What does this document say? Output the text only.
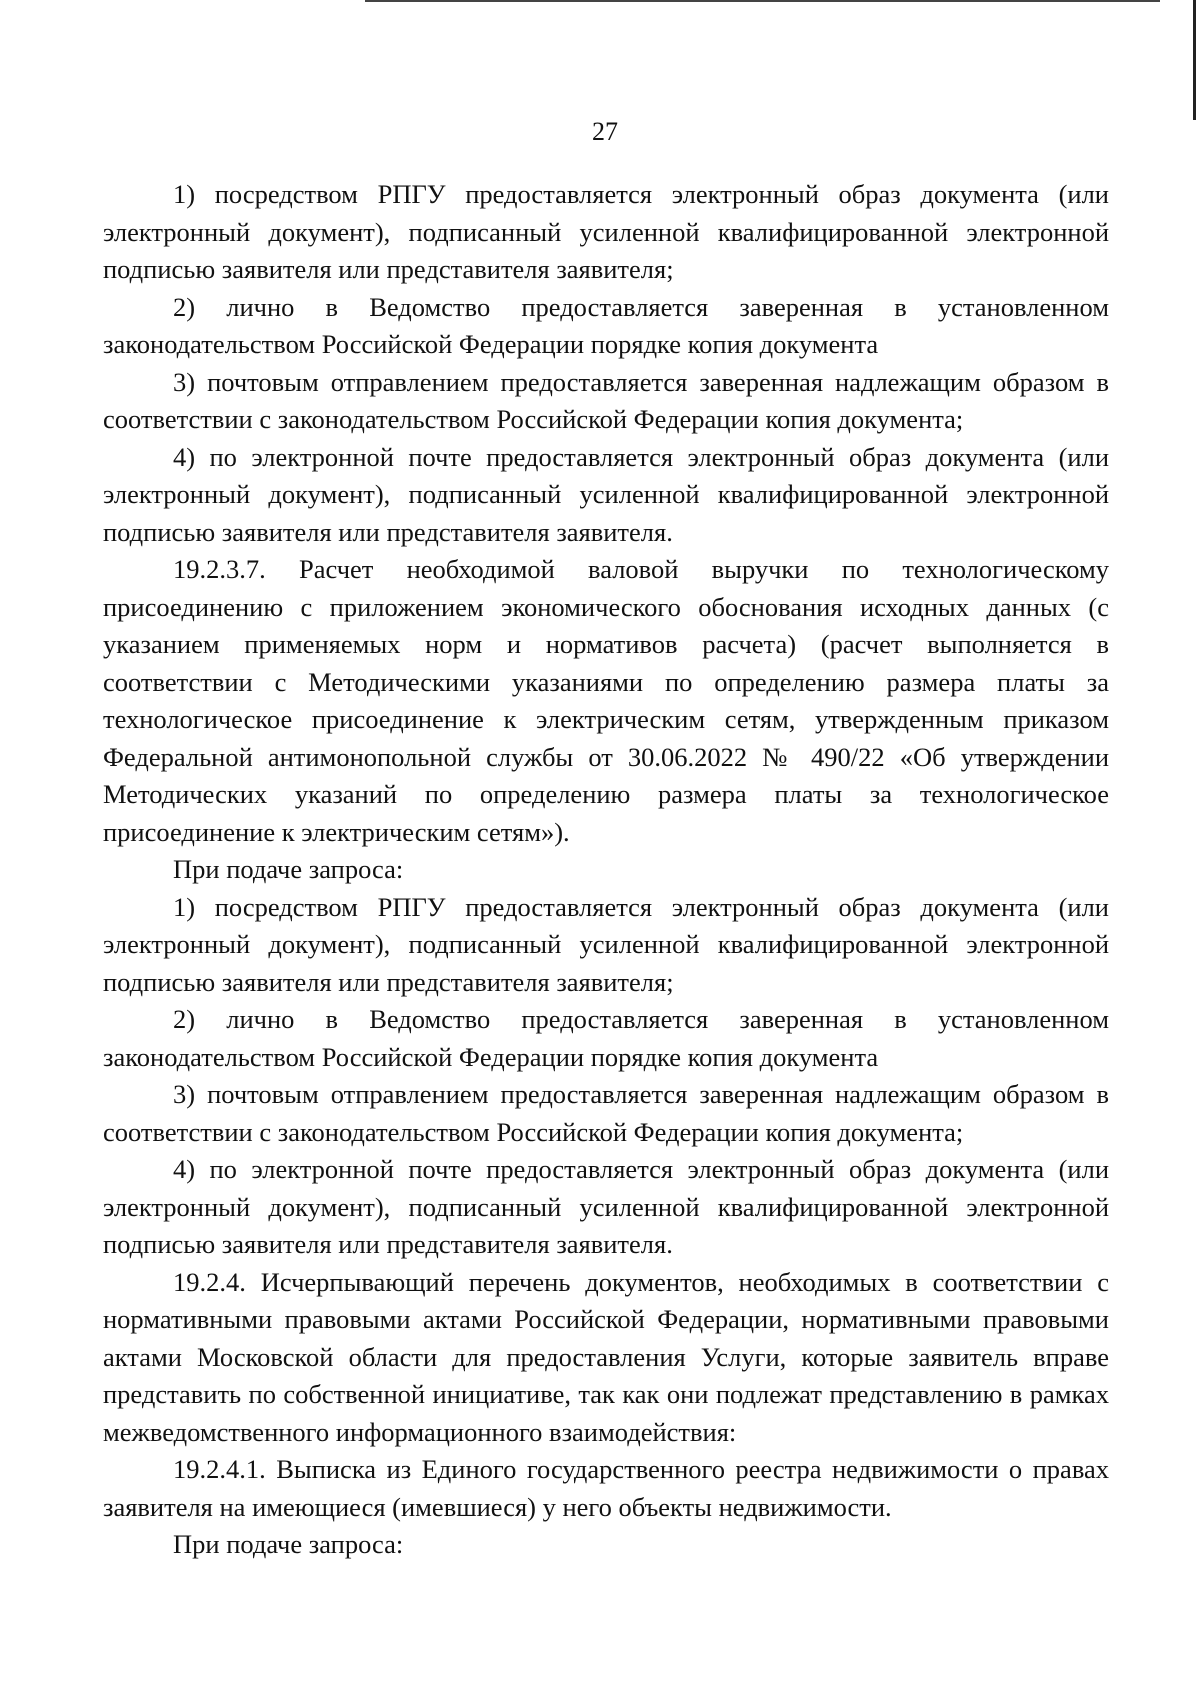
27

1) посредством РПГУ предоставляется электронный образ документа (или электронный документ), подписанный усиленной квалифицированной электронной подписью заявителя или представителя заявителя;

2) лично в Ведомство предоставляется заверенная в установленном законодательством Российской Федерации порядке копия документа

3) почтовым отправлением предоставляется заверенная надлежащим образом в соответствии с законодательством Российской Федерации копия документа;

4) по электронной почте предоставляется электронный образ документа (или электронный документ), подписанный усиленной квалифицированной электронной подписью заявителя или представителя заявителя.

19.2.3.7. Расчет необходимой валовой выручки по технологическому присоединению с приложением экономического обоснования исходных данных (с указанием применяемых норм и нормативов расчета) (расчет выполняется в соответствии с Методическими указаниями по определению размера платы за технологическое присоединение к электрическим сетям, утвержденным приказом Федеральной антимонопольной службы от 30.06.2022 № 490/22 «Об утверждении Методических указаний по определению размера платы за технологическое присоединение к электрическим сетям»).

При подаче запроса:

1) посредством РПГУ предоставляется электронный образ документа (или электронный документ), подписанный усиленной квалифицированной электронной подписью заявителя или представителя заявителя;

2) лично в Ведомство предоставляется заверенная в установленном законодательством Российской Федерации порядке копия документа

3) почтовым отправлением предоставляется заверенная надлежащим образом в соответствии с законодательством Российской Федерации копия документа;

4) по электронной почте предоставляется электронный образ документа (или электронный документ), подписанный усиленной квалифицированной электронной подписью заявителя или представителя заявителя.

19.2.4. Исчерпывающий перечень документов, необходимых в соответствии с нормативными правовыми актами Российской Федерации, нормативными правовыми актами Московской области для предоставления Услуги, которые заявитель вправе представить по собственной инициативе, так как они подлежат представлению в рамках межведомственного информационного взаимодействия:

19.2.4.1. Выписка из Единого государственного реестра недвижимости о правах заявителя на имеющиеся (имевшиеся) у него объекты недвижимости.

При подаче запроса:
